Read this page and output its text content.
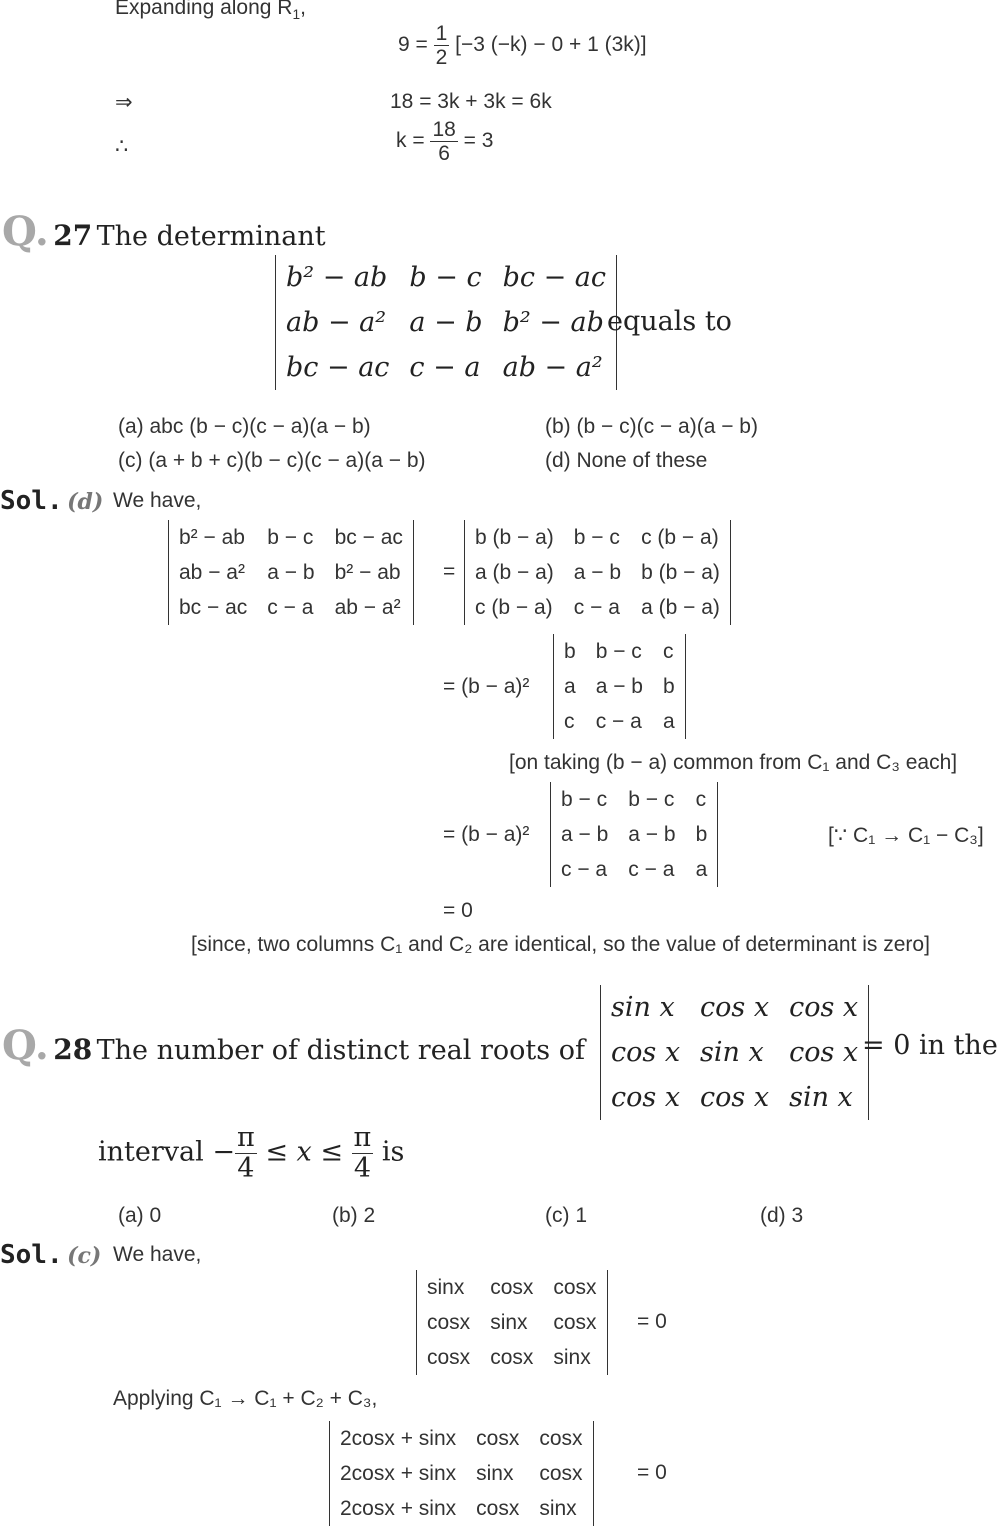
Expanding along $R_1$,
$9 = \frac{1}{2} [-3$ (−k) − 0 + 1 (3k)]
⇒	18 = 3k + 3k = 6k
∴	$k = \frac{18}{6} = 3$
Q. 27 The determinant
b² − ab	b − c	bc − ac
ab − a²	a − b	b² − ab
bc − ac	c − a	ab − a²
equals to
(a) abc (b − c)(c − a)(a − b)	(b) (b − c)(c − a)(a − b)
(c) (a + b + c)(b − c)(c − a)(a − b)	(d) None of these
Sol. (d) We have,
b² − ab	b − c	bc − ac
ab − a²	a − b	b² − ab
bc − ac	c − a	ab − a²
=
b (b − a)	b − c	c (b − a)
a (b − a)	a − b	b (b − a)
c (b − a)	c − a	a (b − a)
= (b − a)²
b	b − c	c
a	a − b	b
c	c − a	a
[on taking (b − a) common from C₁ and C₃ each]
= (b − a)²
b − c	b − c	c
a − b	a − b	b
c − a	c − a	a
[∵ C₁ → C₁ − C₃]
= 0
[since, two columns C₁ and C₂ are identical, so the value of determinant is zero]
Q. 28 The number of distinct real roots of
sin x	cos x	cos x
cos x	sin x	cos x
cos x	cos x	sin x
= 0 in the
interval − $\frac{\pi}{4} \le x \le \frac{\pi}{4}$ is
(a) 0	(b) 2	(c) 1	(d) 3
Sol. (c) We have,
sinx	cosx	cosx
cosx	sinx	cosx
cosx	cosx	sinx
= 0
Applying C₁ → C₁ + C₂ + C₃,
2cosx + sinx	cosx	cosx
2cosx + sinx	sinx	cosx
2cosx + sinx	cosx	sinx
= 0
